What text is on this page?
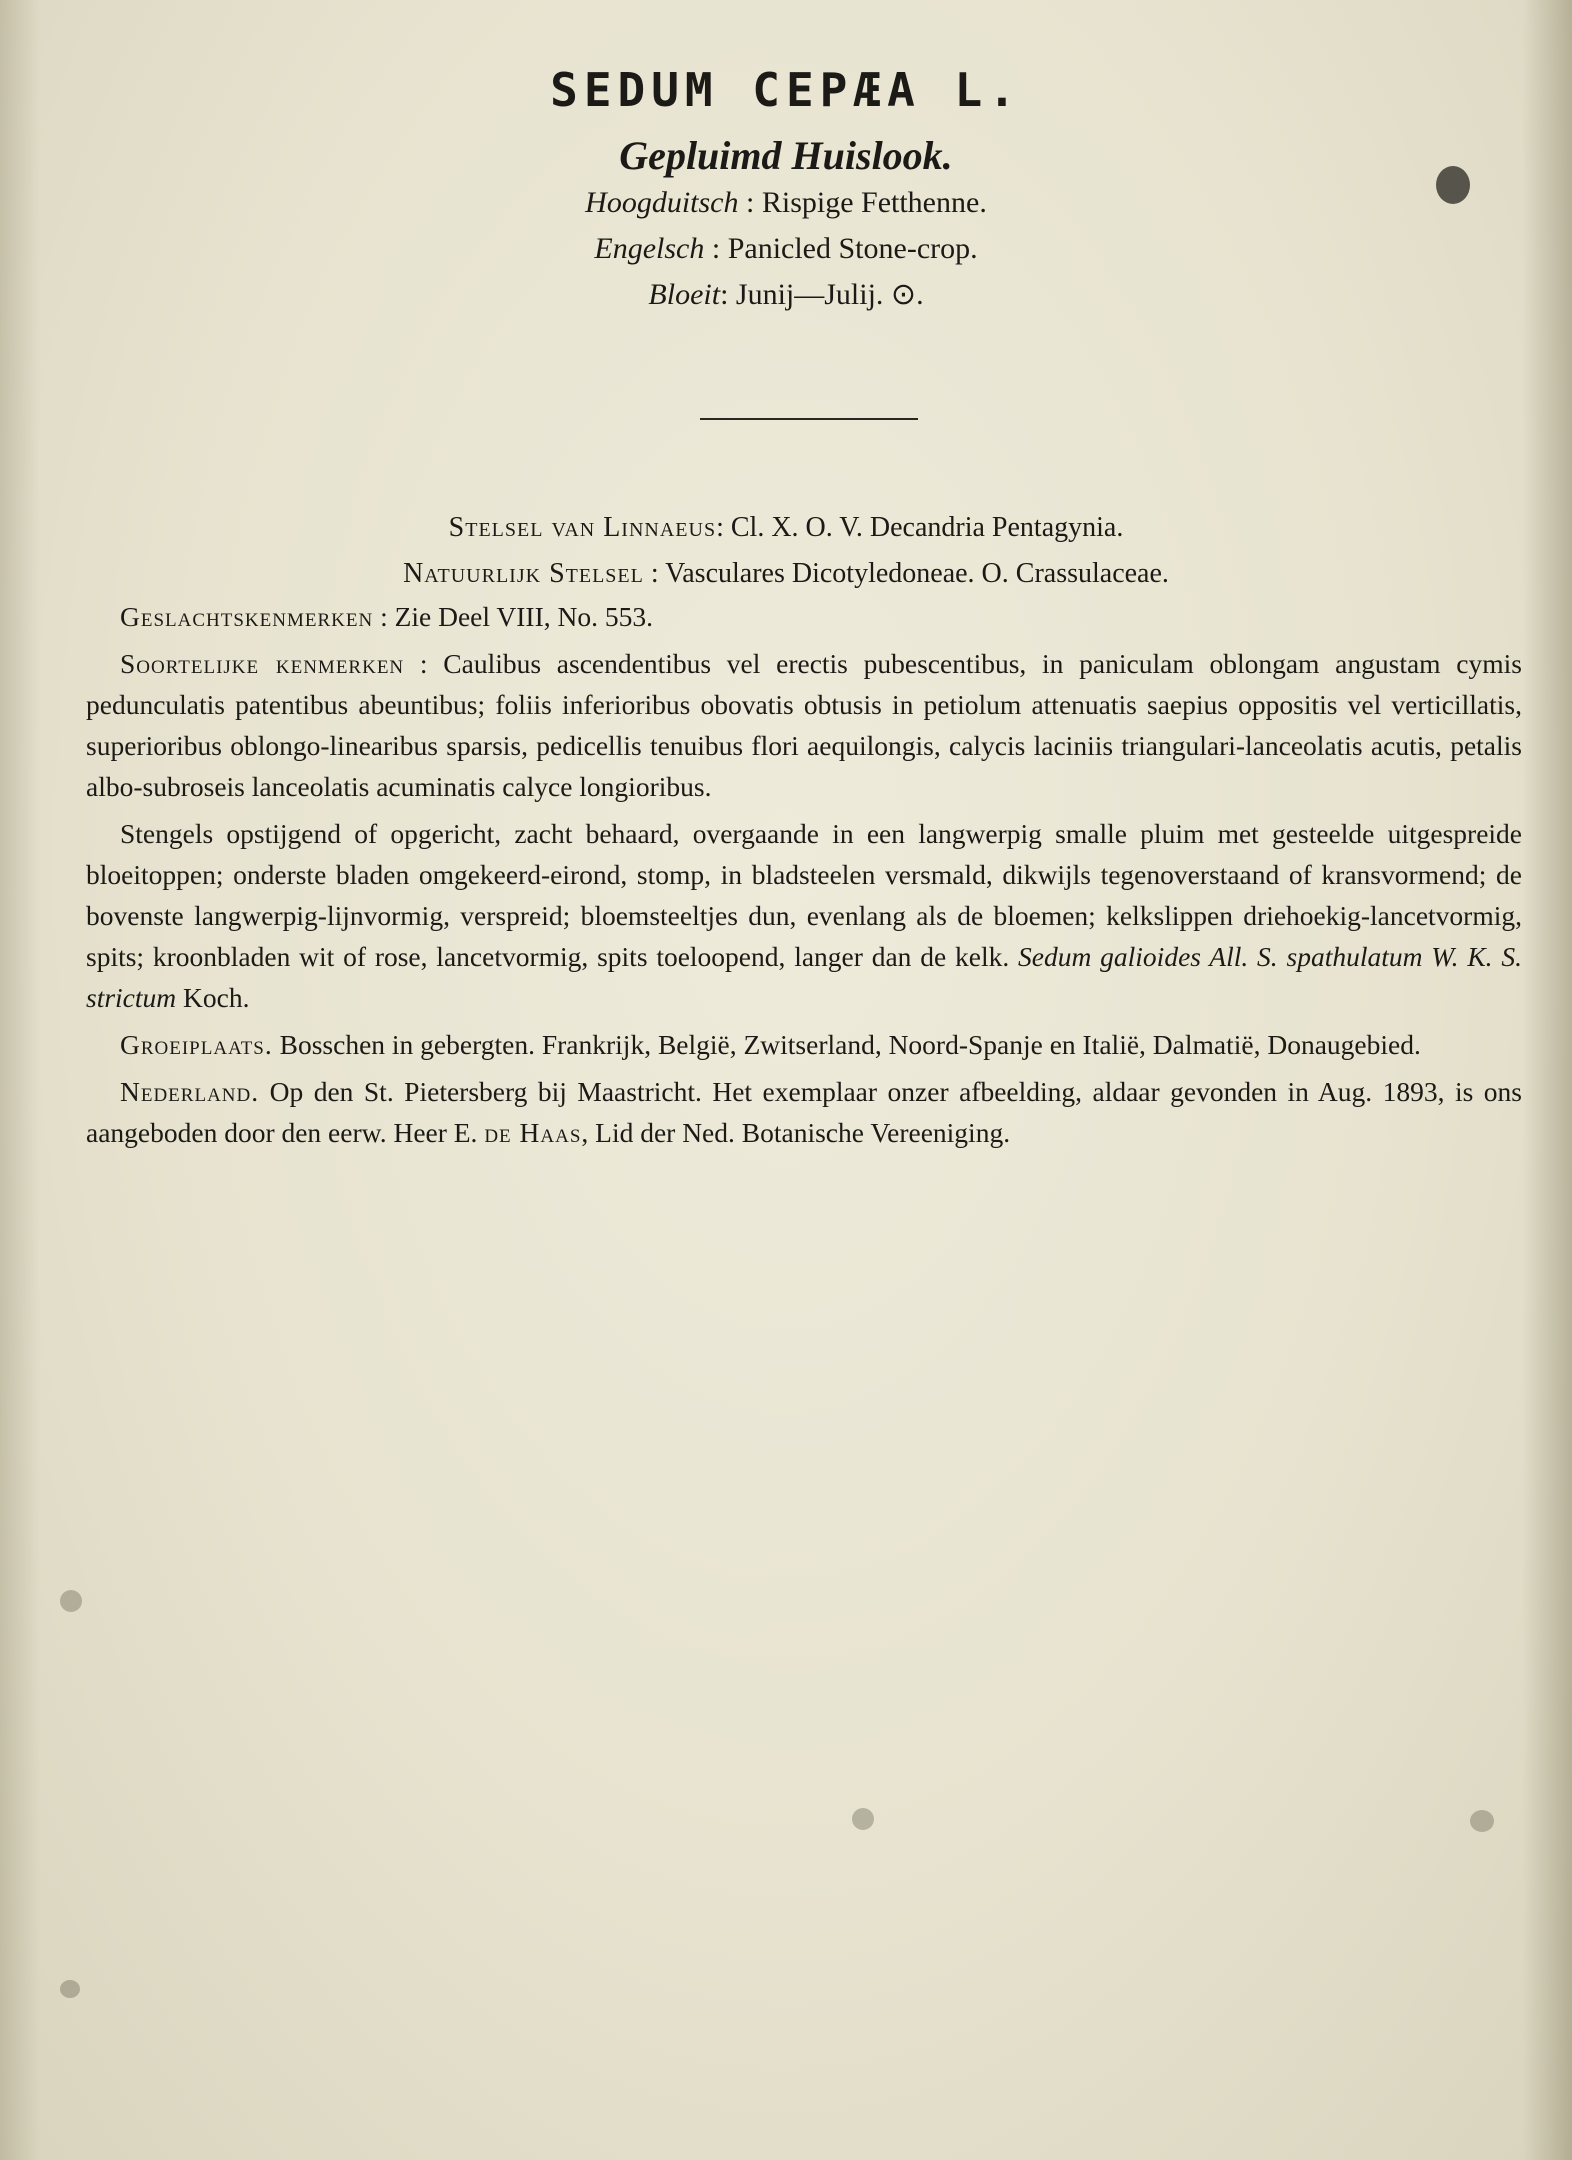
SEDUM CEPÆA L.
Gepluimd Huislook.
Hoogduitsch : Rispige Fetthenne.
Engelsch : Panicled Stone-crop.
Bloeit: Junij—Julij. ⊙.
Stelsel van Linnaeus: Cl. X. O. V. Decandria Pentagynia.
Natuurlijk Stelsel : Vasculares Dicotyledoneae. O. Crassulaceae.

Geslachtskenmerken : Zie Deel VIII, No. 553.

Soortelijke kenmerken : Caulibus ascendentibus vel erectis pubescentibus, in paniculam oblongam angustam cymis pedunculatis patentibus abeuntibus; foliis inferioribus obovatis obtusis in petiolum attenuatis saepius oppositis vel verticillatis, superioribus oblongo-linearibus sparsis, pedicellis tenuibus flori aequilongis, calycis laciniis triangulari-lanceolatis acutis, petalis albo-subroseis lanceolatis acuminatis calyce longioribus.

Stengels opstijgend of opgericht, zacht behaard, overgaande in een langwerpig smalle pluim met gesteelde uitgespreide bloeitoppen; onderste bladen omgekeerd-eirond, stomp, in bladsteelen versmald, dikwijls tegenoverstaand of kransvormend; de bovenste langwerpig-lijnvormig, verspreid; bloemsteeltjes dun, evenlang als de bloemen; kelkslippen driehoekig-lancetvormig, spits; kroonbladen wit of rose, lancetvormig, spits toeloopend, langer dan de kelk. Sedum galioides All. S. spathulatum W. K. S. strictum Koch.

Groeiplaats. Bosschen in gebergten. Frankrijk, België, Zwitserland, Noord-Spanje en Italië, Dalmatië, Donaugebied.

Nederland. Op den St. Pietersberg bij Maastricht. Het exemplaar onzer afbeelding, aldaar gevonden in Aug. 1893, is ons aangeboden door den eerw. Heer E. de Haas, Lid der Ned. Botanische Vereeniging.
